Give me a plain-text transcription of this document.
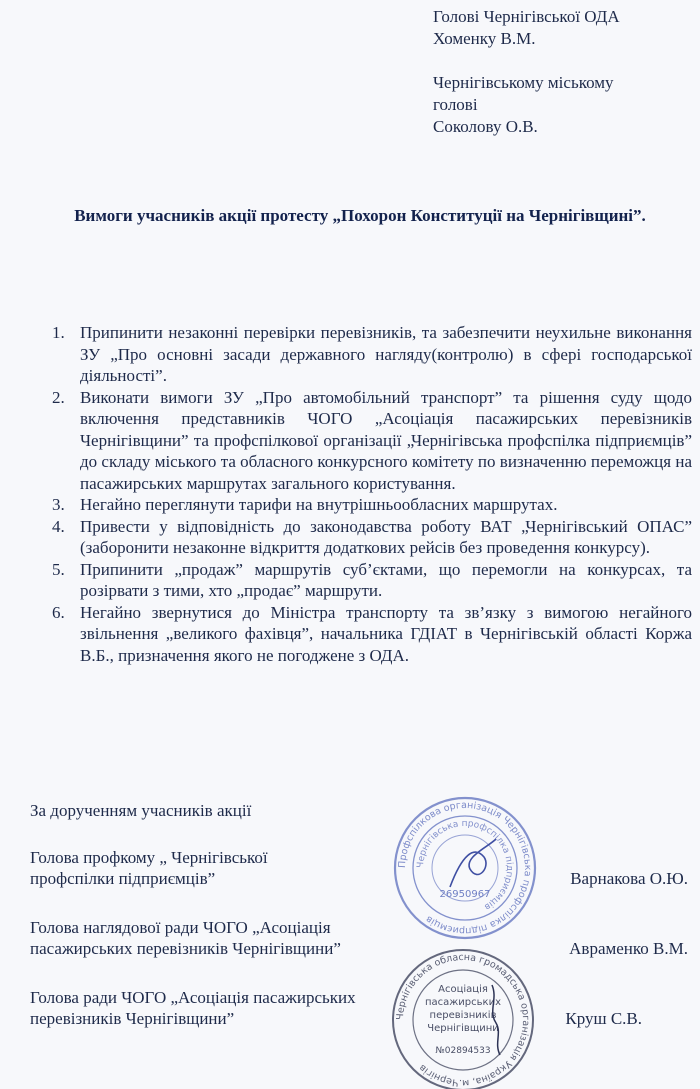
Голові Чернігівської ОДА
Хоменку В.М.
Чернігівському міському
голові
Соколову О.В.
Вимоги учасників акції протесту „Похорон Конституції на Чернігівщині”.
1. Припинити незаконні перевірки перевізників, та забезпечити неухильне виконання ЗУ „Про основні засади державного нагляду(контролю) в сфері господарської діяльності”.
2. Виконати вимоги ЗУ „Про автомобільний транспорт” та рішення суду щодо включення представників ЧОГО „Асоціація пасажирських перевізників Чернігівщини” та профспілкової організації „Чернігівська профспілка підприємців” до складу міського та обласного конкурсного комітету по визначенню переможця на пасажирських маршрутах загального користування.
3. Негайно переглянути тарифи на внутрішньообласних маршрутах.
4. Привести у відповідність до законодавства роботу ВАТ „Чернігівський ОПАС” (заборонити незаконне відкриття додаткових рейсів без проведення конкурсу).
5. Припинити „продаж” маршрутів суб’єктами, що перемогли на конкурсах, та розірвати з тими, хто „продає” маршрути.
6. Негайно звернутися до Міністра транспорту та зв’язку з вимогою негайного звільнення „великого фахівця”, начальника ГДІАТ в Чернігівській області Коржа В.Б., призначення якого не погоджене з ОДА.
За дорученням учасників акції
Голова профкому „ Чернігівської
профспілки підприємців”	Варнакова О.Ю.
Голова наглядової ради ЧОГО „Асоціація
пасажирських перевізників Чернігівщини”	Авраменко В.М.
Голова ради ЧОГО „Асоціація пасажирських
перевізників Чернігівщини”	Круш С.В.
Профспілкова організація Чернігівська профспілка підприємців
Чернігівська профспілка підприємців
26950967
Чернігівська обласна громадська організація Україна, м.Чернігів
Асоціація
пасажирських
перевізників
Чернігівщини
№02894533
